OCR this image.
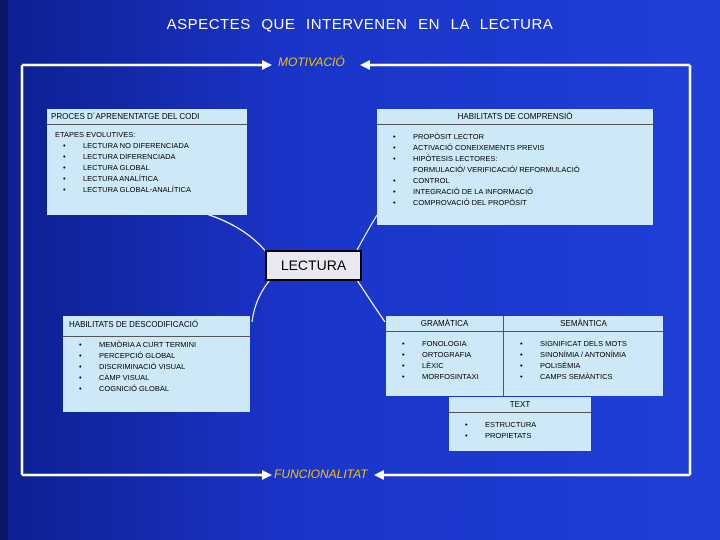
ASPECTES QUE INTERVENEN EN LA LECTURA
MOTIVACIÓ
FUNCIONALITAT
PROCES D´APRENENTATGE DEL CODI
ETAPES EVOLUTIVES:
• LECTURA NO DIFERENCIADA
• LECTURA DIFERENCIADA
• LECTURA GLOBAL
• LECTURA ANALÍTICA
• LECTURA GLOBAL-ANALÍTICA
HABILITATS DE COMPRENSIÓ
• PROPÒSIT LECTOR
• ACTIVACIÓ CONEIXEMENTS PREVIS
• HIPÒTESIS LECTORES:
FORMULACIÓ/ VERIFICACIÓ/ REFORMULACIÓ
• CONTROL
• INTEGRACIÓ DE LA INFORMACIÓ
• COMPROVACIÓ DEL PROPÒSIT
LECTURA
HABILITATS DE DESCODIFICACIÓ
• MEMÒRIA A CURT TERMINI
• PERCEPCIÓ GLOBAL
• DISCRIMINACIÓ VISUAL
• CAMP VISUAL
• COGNICIÓ GLOBAL
GRAMÀTICA
• FONOLOGIA
• ORTOGRAFIA
• LÈXIC
• MORFOSINTAXI
SEMÀNTICA
• SIGNIFICAT DELS MOTS
• SINONÍMIA / ANTONÍMIA
• POLISÈMIA
• CAMPS SEMÀNTICS
TEXT
• ESTRUCTURA
• PROPIETATS
